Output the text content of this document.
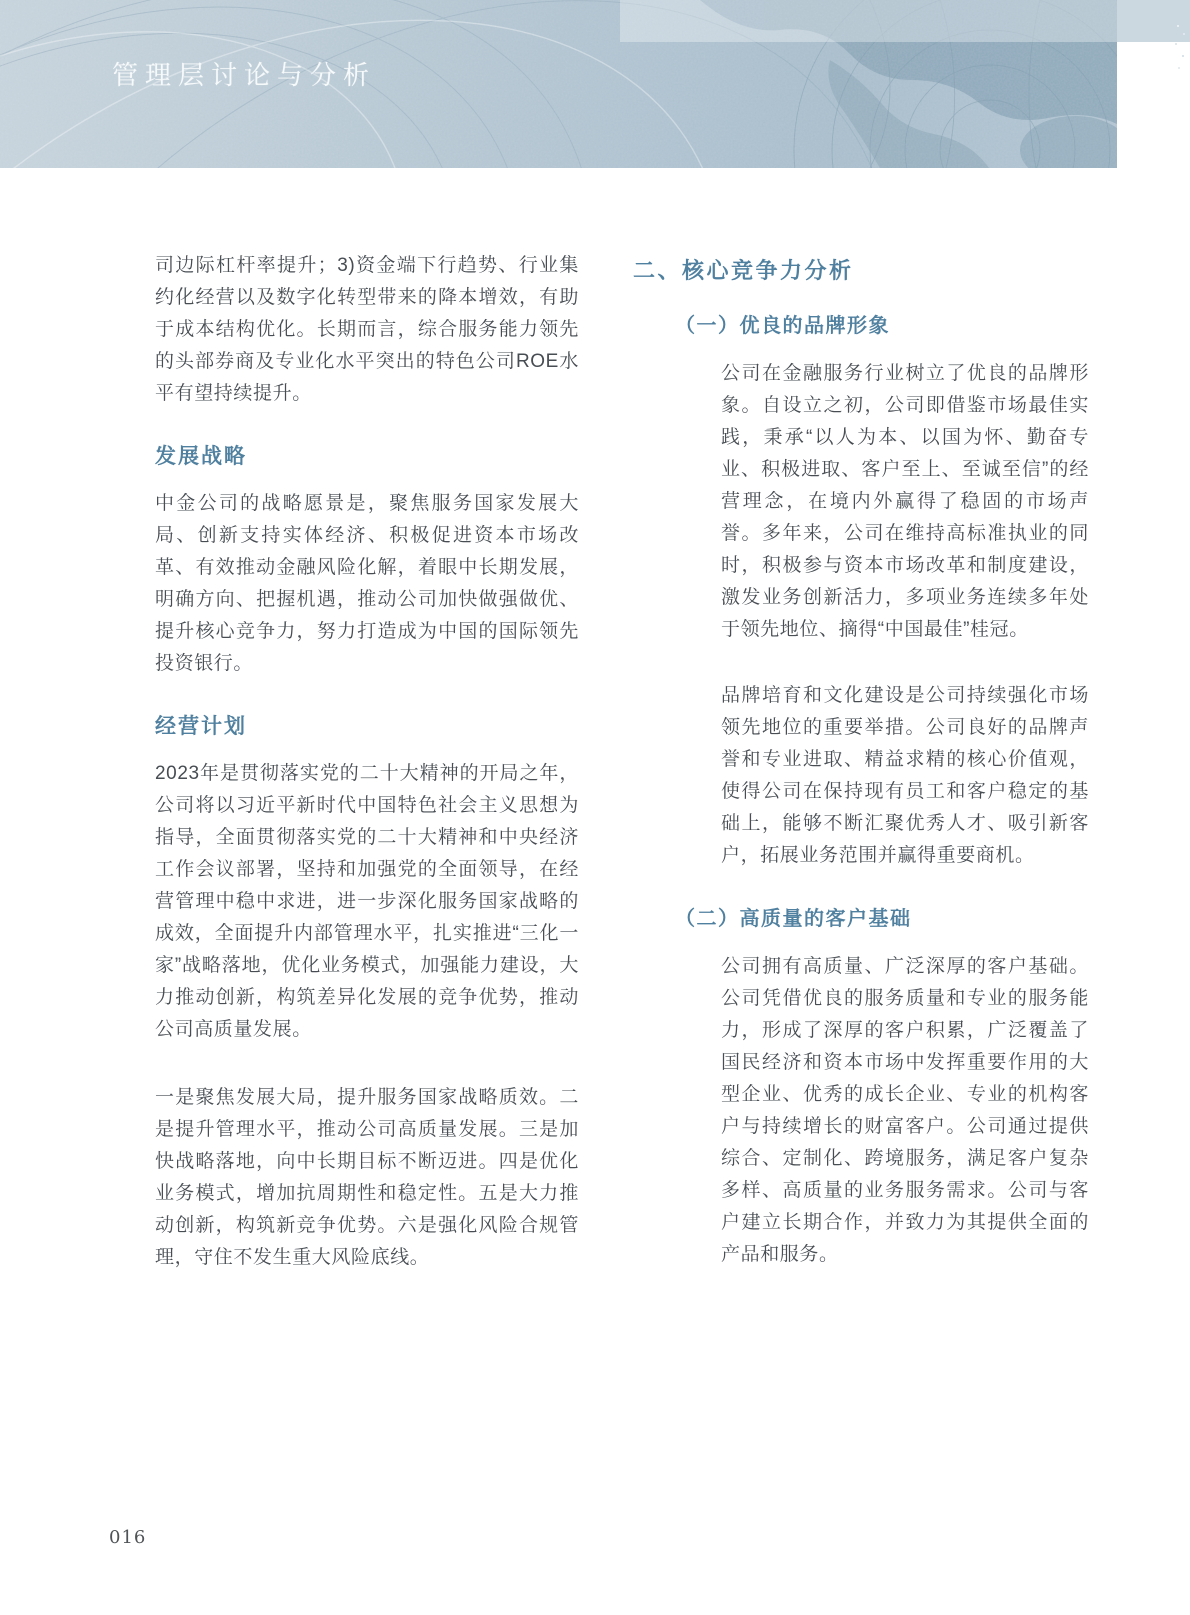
管理层讨论与分析

司边际杠杆率提升；3)资金端下行趋势、行业集约化经营以及数字化转型带来的降本增效，有助于成本结构优化。长期而言，综合服务能力领先的头部券商及专业化水平突出的特色公司ROE水平有望持续提升。

发展战略

中金公司的战略愿景是，聚焦服务国家发展大局、创新支持实体经济、积极促进资本市场改革、有效推动金融风险化解，着眼中长期发展，明确方向、把握机遇，推动公司加快做强做优、提升核心竞争力，努力打造成为中国的国际领先投资银行。

经营计划

2023年是贯彻落实党的二十大精神的开局之年，公司将以习近平新时代中国特色社会主义思想为指导，全面贯彻落实党的二十大精神和中央经济工作会议部署，坚持和加强党的全面领导，在经营管理中稳中求进，进一步深化服务国家战略的成效，全面提升内部管理水平，扎实推进“三化一家”战略落地，优化业务模式，加强能力建设，大力推动创新，构筑差异化发展的竞争优势，推动公司高质量发展。

一是聚焦发展大局，提升服务国家战略质效。二是提升管理水平，推动公司高质量发展。三是加快战略落地，向中长期目标不断迈进。四是优化业务模式，增加抗周期性和稳定性。五是大力推动创新，构筑新竞争优势。六是强化风险合规管理，守住不发生重大风险底线。

二、核心竞争力分析
（一）优良的品牌形象

公司在金融服务行业树立了优良的品牌形象。自设立之初，公司即借鉴市场最佳实践，秉承“以人为本、以国为怀、勤奋专业、积极进取、客户至上、至诚至信”的经营理念，在境内外赢得了稳固的市场声誉。多年来，公司在维持高标准执业的同时，积极参与资本市场改革和制度建设，激发业务创新活力，多项业务连续多年处于领先地位、摘得“中国最佳”桂冠。

品牌培育和文化建设是公司持续强化市场领先地位的重要举措。公司良好的品牌声誉和专业进取、精益求精的核心价值观，使得公司在保持现有员工和客户稳定的基础上，能够不断汇聚优秀人才、吸引新客户，拓展业务范围并赢得重要商机。

（二）高质量的客户基础

公司拥有高质量、广泛深厚的客户基础。公司凭借优良的服务质量和专业的服务能力，形成了深厚的客户积累，广泛覆盖了国民经济和资本市场中发挥重要作用的大型企业、优秀的成长企业、专业的机构客户与持续增长的财富客户。公司通过提供综合、定制化、跨境服务，满足客户复杂多样、高质量的业务服务需求。公司与客户建立长期合作，并致力为其提供全面的产品和服务。

016
